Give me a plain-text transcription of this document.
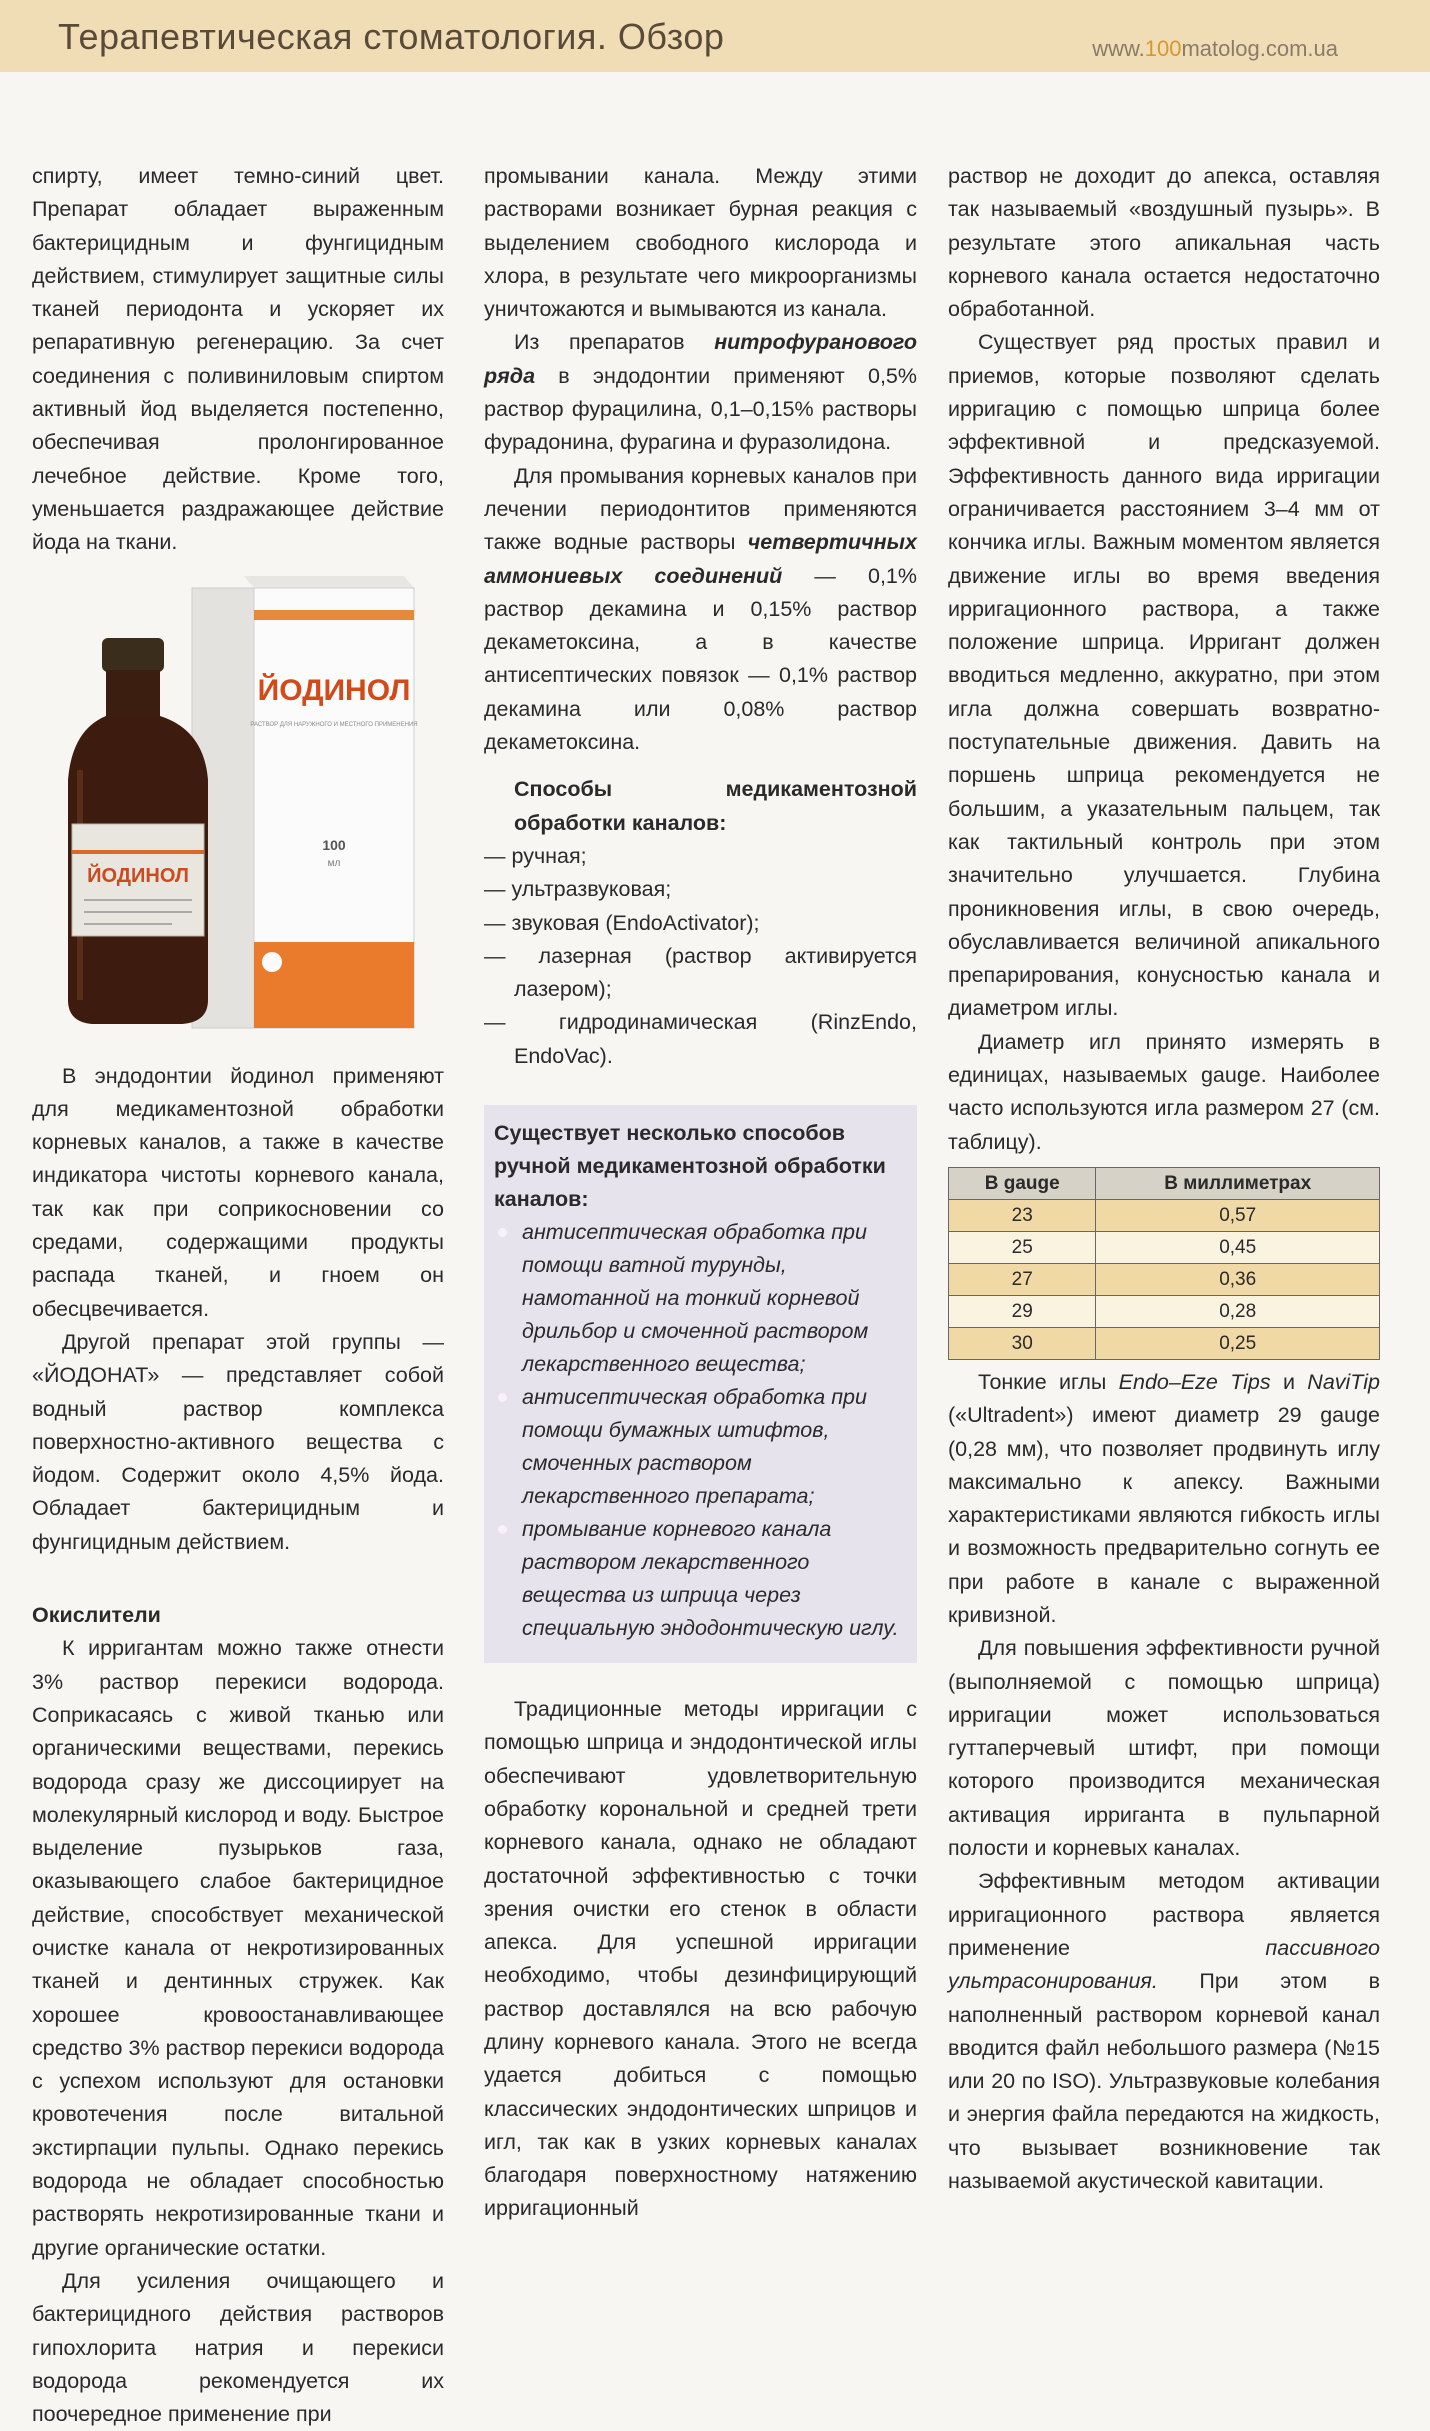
Терапевтическая стоматология. Обзор	www.100matolog.com.ua

спирту, имеет темно-синий цвет. Препарат обладает выраженным бактерицидным и фунгицидным действием, стимулирует защитные силы тканей периодонта и ускоряет их репаративную регенерацию. За счет соединения с поливиниловым спиртом активный йод выделяется постепенно, обеспечивая пролонгированное лечебное действие. Кроме того, уменьшается раздражающее действие йода на ткани.

ЙОДИНОЛ
РАСТВОР ДЛЯ НАРУЖНОГО И МЕСТНОГО ПРИМЕНЕНИЯ
100
мл
ЙОДИНОЛ

В эндодонтии йодинол применяют для медикаментозной обработки корневых каналов, а также в качестве индикатора чистоты корневого канала, так как при соприкосновении со средами, содержащими продукты распада тканей, и гноем он обесцвечивается.

Другой препарат этой группы — «ЙОДОНАТ» — представляет собой водный раствор комплекса поверхностно-активного вещества с йодом. Содержит около 4,5% йода. Обладает бактерицидным и фунгицидным действием.

Окислители

К ирригантам можно также отнести 3% раствор перекиси водорода. Соприкасаясь с живой тканью или органическими веществами, перекись водорода сразу же диссоциирует на молекулярный кислород и воду. Быстрое выделение пузырьков газа, оказывающего слабое бактерицидное действие, способствует механической очистке канала от некротизированных тканей и дентинных стружек. Как хорошее кровоостанавливающее средство 3% раствор перекиси водорода с успехом используют для остановки кровотечения после витальной экстирпации пульпы. Однако перекись водорода не обладает способностью растворять некротизированные ткани и другие органические остатки.

Для усиления очищающего и бактерицидного действия растворов гипохлорита натрия и перекиси водорода рекомендуется их поочередное применение при

промывании канала. Между этими растворами возникает бурная реакция с выделением свободного кислорода и хлора, в результате чего микроорганизмы уничтожаются и вымываются из канала.

Из препаратов нитрофуранового ряда в эндодонтии применяют 0,5% раствор фурацилина, 0,1–0,15% растворы фурадонина, фурагина и фуразолидона.

Для промывания корневых каналов при лечении периодонтитов применяются также водные растворы четвертичных аммониевых соединений — 0,1% раствор декамина и 0,15% раствор декаметоксина, а в качестве антисептических повязок — 0,1% раствор декамина или 0,08% раствор декаметоксина.

Способы медикаментозной обработки каналов:

— ручная;

— ультразвуковая;

— звуковая (EndoActivator);

— лазерная (раствор активируется лазером);

— гидродинамическая (RinzEndo, EndoVac).

Существует несколько способов ручной медикаментозной обработки каналов:
антисептическая обработка при помощи ватной турунды, намотанной на тонкий корневой дрильбор и смоченной раствором лекарственного вещества;
антисептическая обработка при помощи бумажных штифтов, смоченных раствором лекарственного препарата;
промывание корневого канала раствором лекарственного вещества из шприца через специальную эндодонтическую иглу.

Традиционные методы ирригации с помощью шприца и эндодонтической иглы обеспечивают удовлетворительную обработку корональной и средней трети корневого канала, однако не обладают достаточной эффективностью с точки зрения очистки его стенок в области апекса. Для успешной ирригации необходимо, чтобы дезинфицирующий раствор доставлялся на всю рабочую длину корневого канала. Этого не всегда удается добиться с помощью классических эндодонтических шприцов и игл, так как в узких корневых каналах благодаря поверхностному натяжению ирригационный

раствор не доходит до апекса, оставляя так называемый «воздушный пузырь». В результате этого апикальная часть корневого канала остается недостаточно обработанной.

Существует ряд простых правил и приемов, которые позволяют сделать ирригацию с помощью шприца более эффективной и предсказуемой. Эффективность данного вида ирригации ограничивается расстоянием 3–4 мм от кончика иглы. Важным моментом является движение иглы во время введения ирригационного раствора, а также положение шприца. Ирригант должен вводиться медленно, аккуратно, при этом игла должна совершать возвратно-поступательные движения. Давить на поршень шприца рекомендуется не большим, а указательным пальцем, так как тактильный контроль при этом значительно улучшается. Глубина проникновения иглы, в свою очередь, обуславливается величиной апикального препарирования, конусностью канала и диаметром иглы.

Диаметр игл принято измерять в единицах, называемых gauge. Наиболее часто используются игла размером 27 (см. таблицу).

В gauge	В миллиметрах
23	0,57
25	0,45
27	0,36
29	0,28
30	0,25

Тонкие иглы Endo–Eze Tips и NaviTip («Ultradent») имеют диаметр 29 gauge (0,28 мм), что позволяет продвинуть иглу максимально к апексу. Важными характеристиками являются гибкость иглы и возможность предварительно согнуть ее при работе в канале с выраженной кривизной.

Для повышения эффективности ручной (выполняемой с помощью шприца) ирригации может использоваться гуттаперчевый штифт, при помощи которого производится механическая активация ирриганта в пульпарной полости и корневых каналах.

Эффективным методом активации ирригационного раствора является применение пассивного ультрасонирования. При этом в наполненный раствором корневой канал вводится файл небольшого размера (№15 или 20 по ISO). Ультразвуковые колебания и энергия файла передаются на жидкость, что вызывает возникновение так называемой акустической кавитации.
